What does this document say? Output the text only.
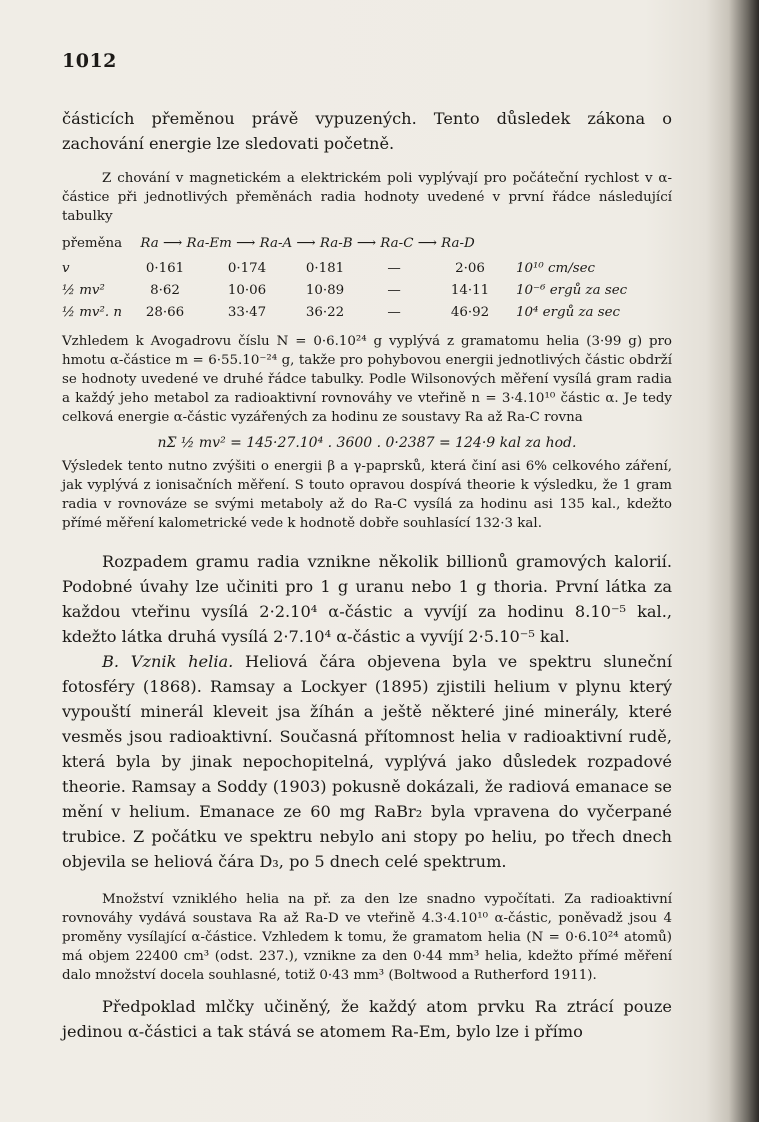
1012

částicích přeměnou právě vypuzených. Tento důsledek zákona o zachování energie lze sledovati početně.

Z chování v magnetickém a elektrickém poli vyplývají pro počáteční rychlost v α-částice při jednotlivých přeměnách radia hodnoty uvedené v první řádce následující tabulky

přeměna Ra ⟶ Ra-Em ⟶ Ra-A ⟶ Ra-B ⟶ Ra-C ⟶ Ra-D
v	0·161	0·174	0·181	—	2·06	10¹⁰ cm/sec
½ mv²	8·62	10·06	10·89	—	14·11	10⁻⁶ ergů za sec
½ mv². n	28·66	33·47	36·22	—	46·92	10⁴ ergů za sec

Vzhledem k Avogadrovu číslu N = 0·6.10²⁴ g vyplývá z gramatomu helia (3·99 g) pro hmotu α-částice m = 6·55.10⁻²⁴ g, takže pro pohybovou energii jednotlivých částic obdrží se hodnoty uvedené ve druhé řádce tabulky. Podle Wilsonových měření vysílá gram radia a každý jeho metabol za radioaktivní rovnováhy ve vteřině n = 3·4.10¹⁰ částic α. Je tedy celková energie α-částic vyzářených za hodinu ze soustavy Ra až Ra-C rovna

nΣ ½ mv² = 145·27.10⁴ . 3600 . 0·2387 = 124·9 kal za hod.

Výsledek tento nutno zvýšiti o energii β a γ-paprsků, která činí asi 6% celkového záření, jak vyplývá z ionisačních měření. S touto opravou dospívá theorie k výsledku, že 1 gram radia v rovnováze se svými metaboly až do Ra-C vysílá za hodinu asi 135 kal., kdežto přímé měření kalometrické vede k hodnotě dobře souhlasící 132·3 kal.

Rozpadem gramu radia vznikne několik billionů gramových kalorií. Podobné úvahy lze učiniti pro 1 g uranu nebo 1 g thoria. První látka za každou vteřinu vysílá 2·2.10⁴ α-částic a vyvíjí za hodinu 8.10⁻⁵ kal., kdežto látka druhá vysílá 2·7.10⁴ α-částic a vyvíjí 2·5.10⁻⁵ kal.

B. Vznik helia. Heliová čára objevena byla ve spektru sluneční fotosféry (1868). Ramsay a Lockyer (1895) zjistili helium v plynu který vypouští minerál kleveit jsa žíhán a ještě některé jiné minerály, které vesměs jsou radioaktivní. Současná přítomnost helia v radioaktivní rudě, která byla by jinak nepochopitelná, vyplývá jako důsledek rozpadové theorie. Ramsay a Soddy (1903) pokusně dokázali, že radiová emanace se mění v helium. Emanace ze 60 mg RaBr₂ byla vpravena do vyčerpané trubice. Z počátku ve spektru nebylo ani stopy po heliu, po třech dnech objevila se heliová čára D₃, po 5 dnech celé spektrum.

Množství vzniklého helia na př. za den lze snadno vypočítati. Za radioaktivní rovnováhy vydává soustava Ra až Ra-D ve vteřině 4.3·4.10¹⁰ α-částic, poněvadž jsou 4 proměny vysílající α-částice. Vzhledem k tomu, že gramatom helia (N = 0·6.10²⁴ atomů) má objem 22400 cm³ (odst. 237.), vznikne za den 0·44 mm³ helia, kdežto přímé měření dalo množství docela souhlasné, totiž 0·43 mm³ (Boltwood a Rutherford 1911).

Předpoklad mlčky učiněný, že každý atom prvku Ra ztrácí pouze jedinou α-částici a tak stává se atomem Ra-Em, bylo lze i přímo
